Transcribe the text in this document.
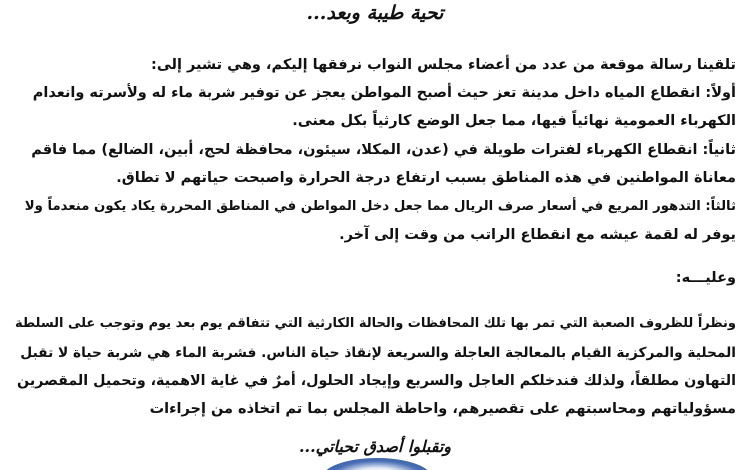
تحية طيبة وبعد...
تلقينا رسالة موقعة من عدد من أعضاء مجلس النواب نرفقها إليكم، وهي تشير إلى:
أولاً: انقطاع المياه داخل مدينة تعز حيث أصبح المواطن يعجز عن توفير شربة ماء له ولأسرته وانعدام
الكهرباء العمومية نهائياً فيها، مما جعل الوضع كارثياً بكل معنى.
ثانياً: انقطاع الكهرباء لفترات طويلة في (عدن، المكلا، سيئون، محافظة لحج، أبين، الضالع) مما فاقم
معاناة المواطنين في هذه المناطق بسبب ارتفاع درجة الحرارة واصبحت حياتهم لا تطاق.
ثالثاً: التدهور المريع في أسعار صرف الريال مما جعل دخل المواطن في المناطق المحررة يكاد يكون منعدماً ولا
يوفر له لقمة عيشه مع انقطاع الراتب من وقت إلى آخر.
وعليـــه:
ونظراً للظروف الصعبة التي تمر بها تلك المحافظات والحالة الكارثية التي تتفاقم يوم بعد يوم وتوجب على السلطة
المحلية والمركزية القيام بالمعالجة العاجلة والسريعة لإنقاذ حياة الناس. فشربة الماء هي شربة حياة لا تقبل
التهاون مطلقاً، ولذلك فندخلكم العاجل والسريع وإيجاد الحلول، أمرٌ في غاية الاهمية، وتحميل المقصرين
مسؤولياتهم ومحاسبتهم على تقصيرهم، واحاطة المجلس بما تم اتخاذه من إجراءات
وتقبلوا أصدق تحياتي...
